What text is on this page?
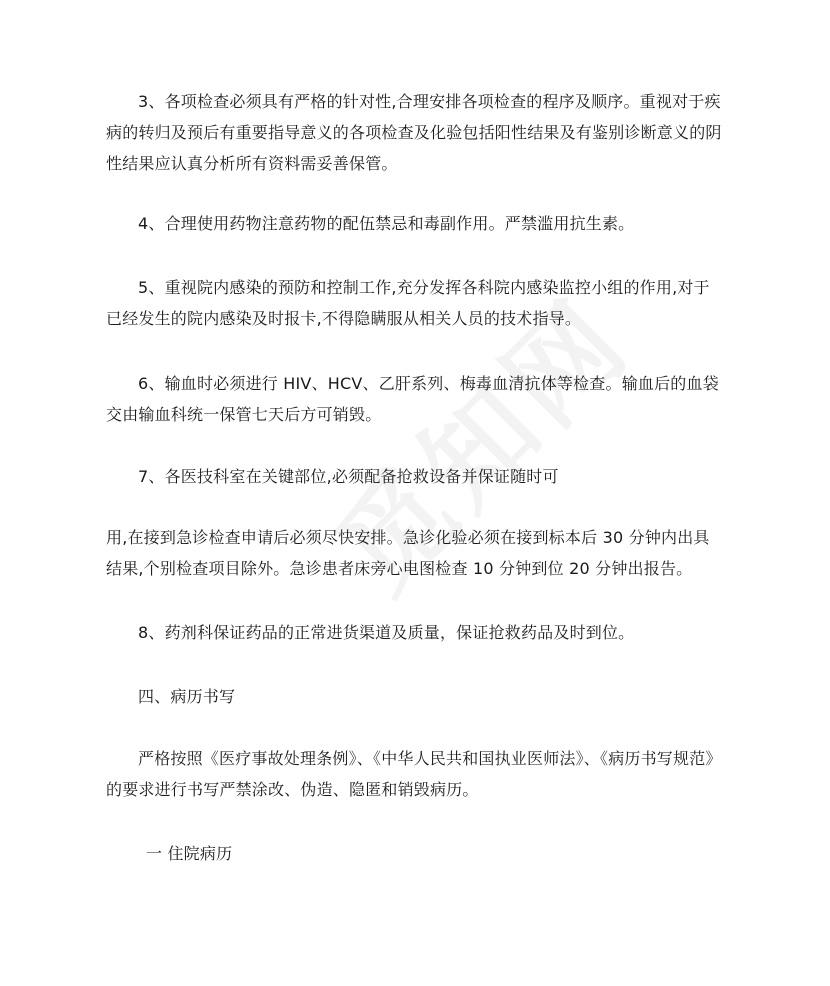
3、各项检查必须具有严格的针对性,合理安排各项检查的程序及顺序。重视对于疾病的转归及预后有重要指导意义的各项检查及化验包括阳性结果及有鉴别诊断意义的阴性结果应认真分析所有资料需妥善保管。

4、合理使用药物注意药物的配伍禁忌和毒副作用。严禁滥用抗生素。

5、重视院内感染的预防和控制工作,充分发挥各科院内感染监控小组的作用,对于已经发生的院内感染及时报卡,不得隐瞒服从相关人员的技术指导。

6、输血时必须进行 HIV、HCV、乙肝系列、梅毒血清抗体等检查。输血后的血袋交由输血科统一保管七天后方可销毁。

7、各医技科室在关键部位,必须配备抢救设备并保证随时可

用,在接到急诊检查申请后必须尽快安排。急诊化验必须在接到标本后 30 分钟内出具结果,个别检查项目除外。急诊患者床旁心电图检查 10 分钟到位 20 分钟出报告。

8、药剂科保证药品的正常进货渠道及质量，保证抢救药品及时到位。

四、病历书写

严格按照《医疗事故处理条例》、《中华人民共和国执业医师法》、《病历书写规范》的要求进行书写严禁涂改、伪造、隐匿和销毁病历。

一 住院病历
